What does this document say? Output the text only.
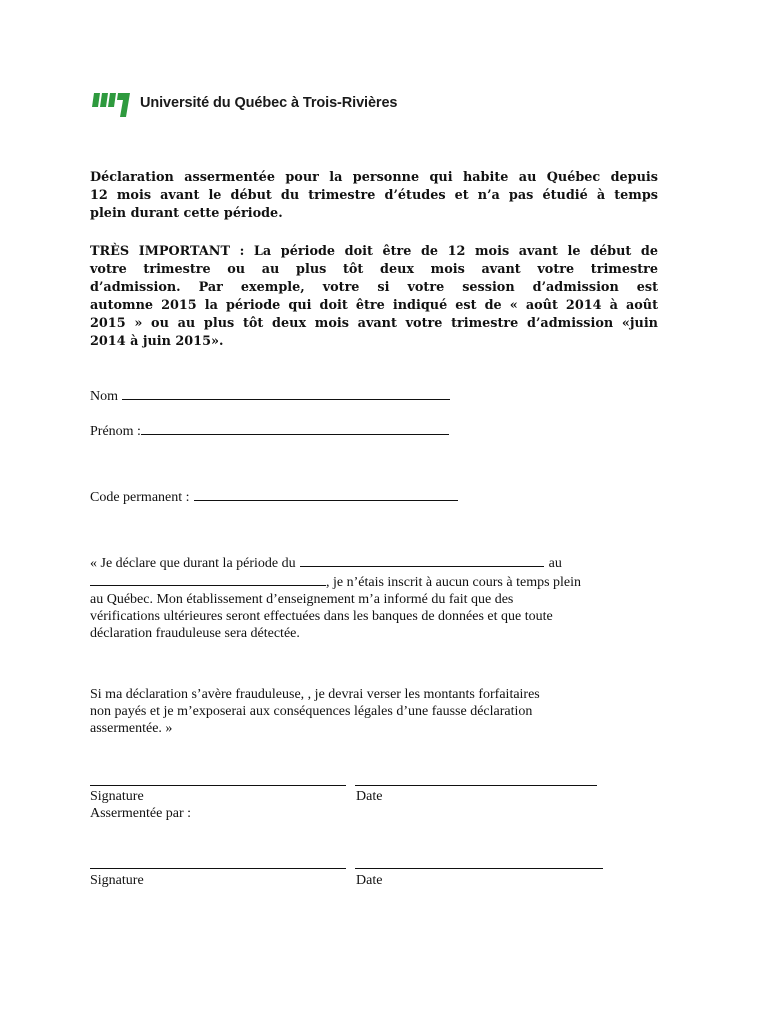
Université du Québec à Trois-Rivières

Déclaration assermentée pour la personne qui habite au Québec depuis

12 mois avant le début du trimestre d’études et n’a pas étudié à temps

plein durant cette période.

TRÈS IMPORTANT : La période doit être de 12 mois avant le début de

votre trimestre ou au plus tôt deux mois avant votre trimestre

d’admission. Par exemple, votre si votre session d’admission est

automne 2015 la période qui doit être indiqué est de « août 2014 à août

2015 » ou au plus tôt deux mois avant votre trimestre d’admission «juin

2014 à juin 2015».

Nom
Prénom :
Code permanent :
« Je déclare que durant la période du	au
, je n’étais inscrit à aucun cours à temps plein

au Québec. Mon établissement d’enseignement m’a informé du fait que des

vérifications ultérieures seront effectuées dans les banques de données et que toute

déclaration frauduleuse sera détectée.

Si ma déclaration s’avère frauduleuse, , je devrai verser les montants forfaitaires

non payés et je m’exposerai aux conséquences légales d’une fausse déclaration

assermentée. »

Signature	Date
Assermentée par :
Signature	Date
